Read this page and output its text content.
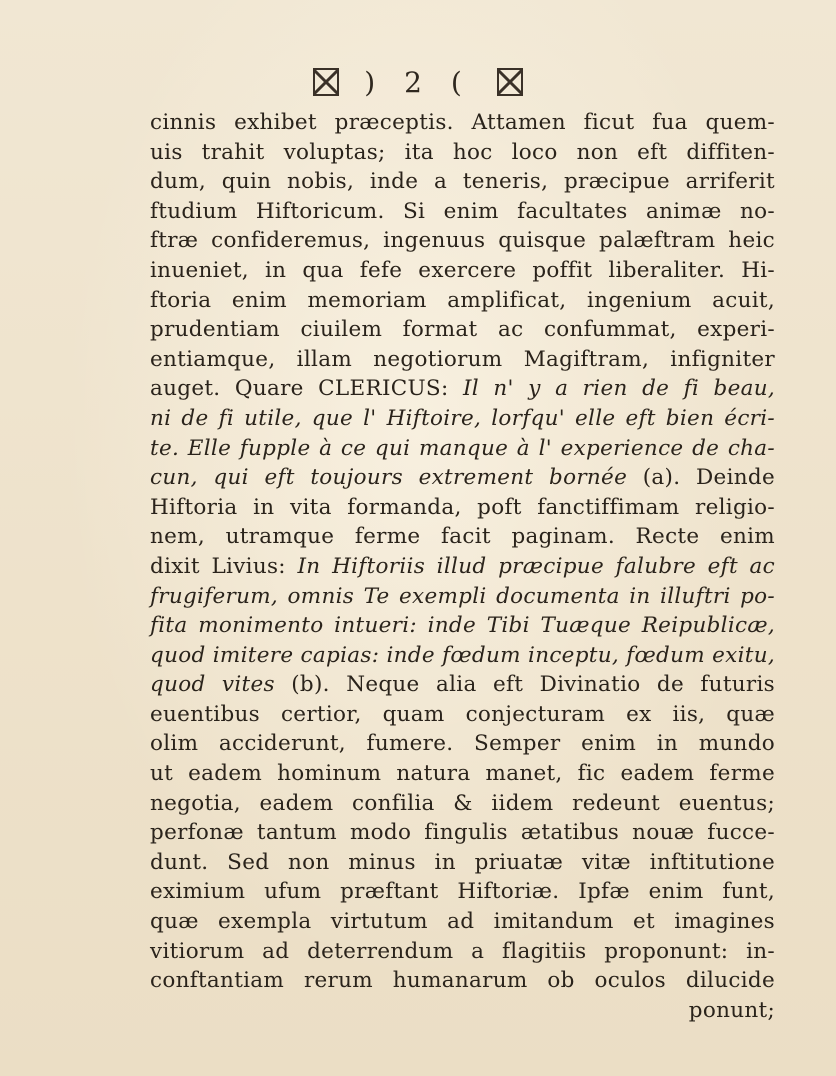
) 2 (
cinnis exhibet præceptis. Attamen ficut fua quem-
uis trahit voluptas; ita hoc loco non eft diffiten-
dum, quin nobis, inde a teneris, præcipue arriferit
ftudium Hiftoricum. Si enim facultates animæ no-
ftræ confideremus, ingenuus quisque palæftram heic
inueniet, in qua fefe exercere poffit liberaliter. Hi-
ftoria enim memoriam amplificat, ingenium acuit,
prudentiam ciuilem format ac confummat, experi-
entiamque, illam negotiorum Magiftram, infigniter
auget. Quare CLERICUS: Il n' y a rien de fi beau,
ni de fi utile, que l' Hiftoire, lorfqu' elle eft bien écri-
te. Elle fupple à ce qui manque à l' experience de cha-
cun, qui eft toujours extrement bornée (a). Deinde
Hiftoria in vita formanda, poft fanctiffimam religio-
nem, utramque ferme facit paginam. Recte enim
dixit Livius: In Hiftoriis illud præcipue falubre eft ac
frugiferum, omnis Te exempli documenta in illuftri po-
fita monimento intueri: inde Tibi Tuæque Reipublicæ,
quod imitere capias: inde fœdum inceptu, fœdum exitu,
quod vites (b). Neque alia eft Divinatio de futuris
euentibus certior, quam conjecturam ex iis, quæ
olim acciderunt, fumere. Semper enim in mundo
ut eadem hominum natura manet, fic eadem ferme
negotia, eadem confilia & iidem redeunt euentus;
perfonæ tantum modo fingulis ætatibus nouæ fucce-
dunt. Sed non minus in priuatæ vitæ inftitutione
eximium ufum præftant Hiftoriæ. Ipfæ enim funt,
quæ exempla virtutum ad imitandum et imagines
vitiorum ad deterrendum a flagitiis proponunt: in-
conftantiam rerum humanarum ob oculos dilucide
ponunt;
